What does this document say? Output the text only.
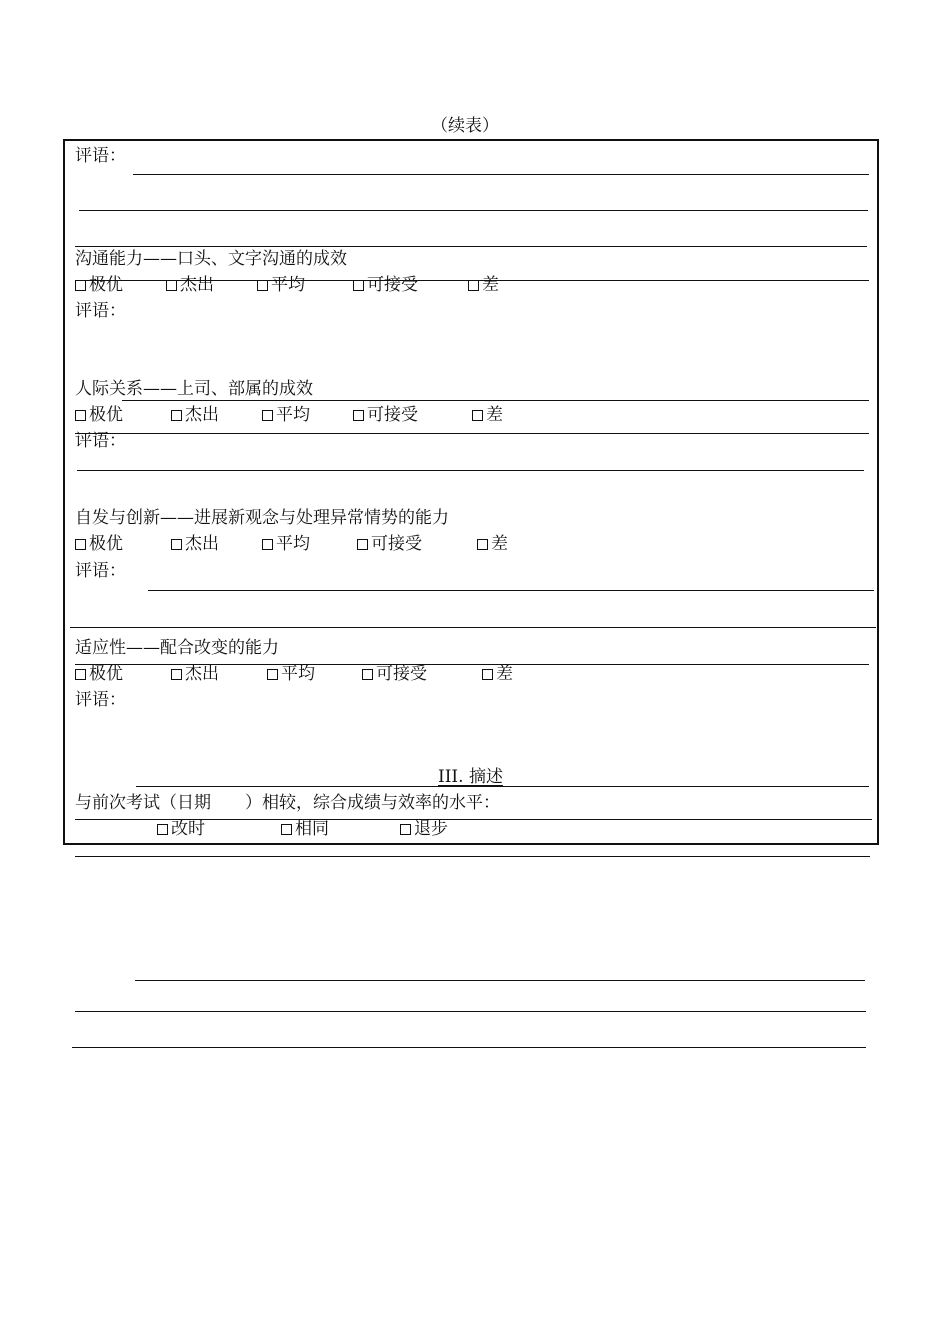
（续表）
评语：
沟通能力——口头、文字沟通的成效
极优	杰出	平均	可接受	差
评语：
人际关系——上司、部属的成效
极优	杰出	平均	可接受	差
评语：
自发与创新——进展新观念与处理异常情势的能力
极优	杰出	平均	可接受	差
评语：
适应性——配合改变的能力
极优	杰出	平均	可接受	差
评语：
III. 摘述
与前次考试（日期　　）相较，综合成绩与效率的水平：
改时	相同	退步
